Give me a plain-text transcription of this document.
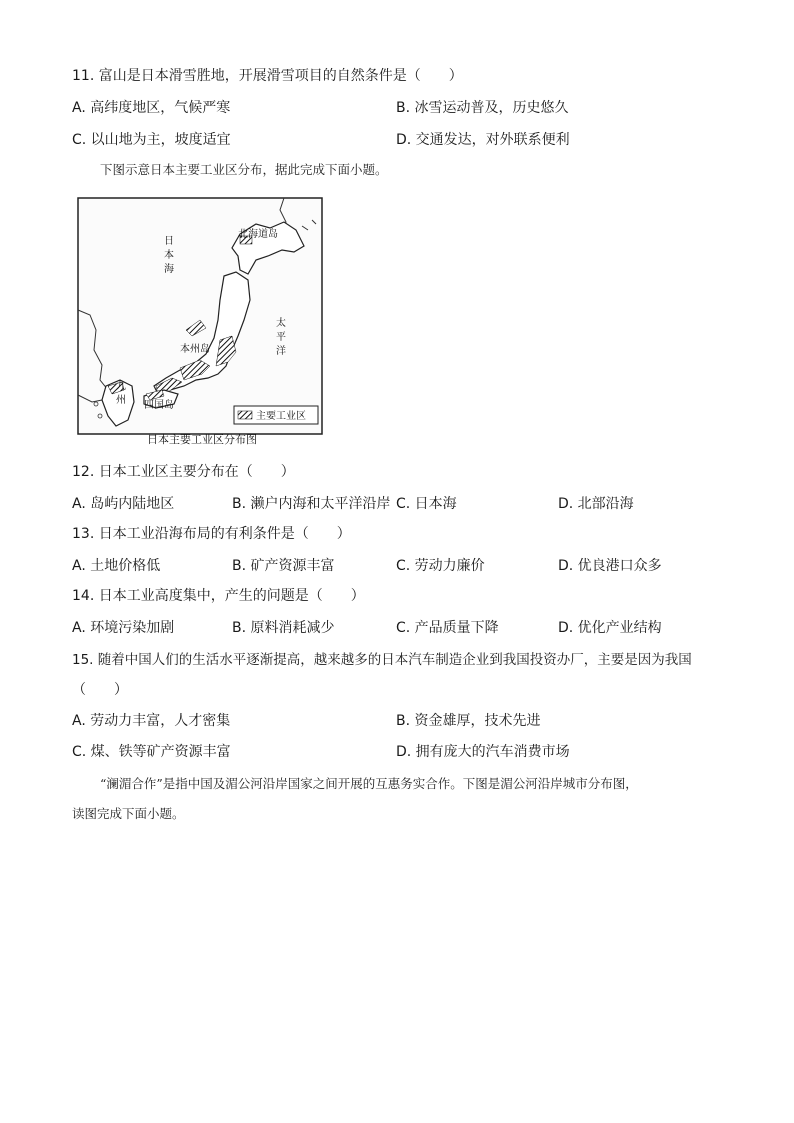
11. 富山是日本滑雪胜地，开展滑雪项目的自然条件是（　　）
A. 高纬度地区，气候严寒	B. 冰雪运动普及，历史悠久
C. 以山地为主，坡度适宜	D. 交通发达，对外联系便利
下图示意日本主要工业区分布，据此完成下面小题。
北海道岛
日
本
海
太
平
洋
本州岛
九
州 四国岛
主要工业区
日本主要工业区分布图
12. 日本工业区主要分布在（　　）
A. 岛屿内陆地区	B. 濑户内海和太平洋沿岸 C. 日本海	D. 北部沿海
13. 日本工业沿海布局的有利条件是（　　）
A. 土地价格低	B. 矿产资源丰富	C. 劳动力廉价	D. 优良港口众多
14. 日本工业高度集中，产生的问题是（　　）
A. 环境污染加剧	B. 原料消耗减少	C. 产品质量下降	D. 优化产业结构
15. 随着中国人们的生活水平逐渐提高，越来越多的日本汽车制造企业到我国投资办厂，主要是因为我国
（　　）
A. 劳动力丰富，人才密集	B. 资金雄厚，技术先进
C. 煤、铁等矿产资源丰富	D. 拥有庞大的汽车消费市场
“澜湄合作”是指中国及湄公河沿岸国家之间开展的互惠务实合作。下图是湄公河沿岸城市分布图，
读图完成下面小题。
